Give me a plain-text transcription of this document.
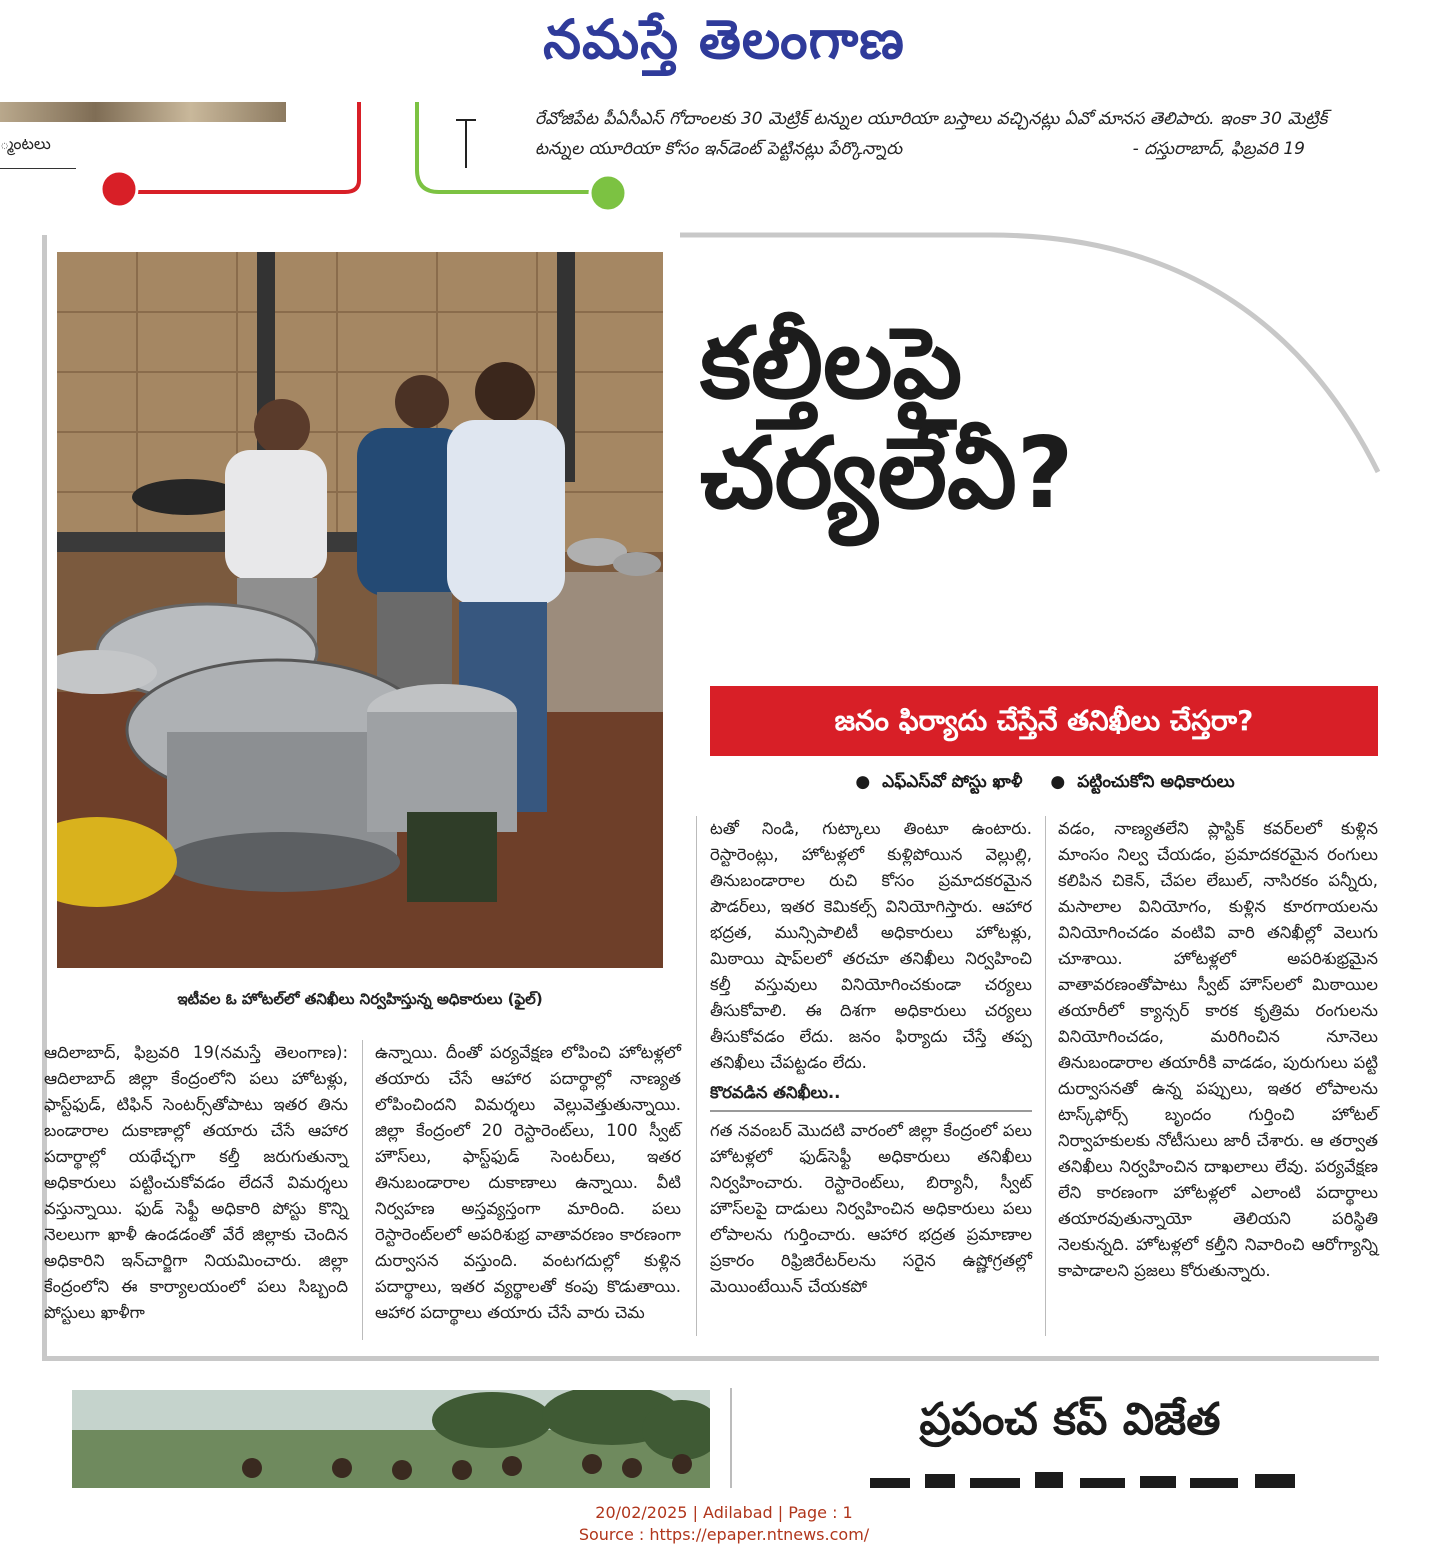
నమస్తే తెలంగాణ
్మంటలు
రేవోజిపేట పీఏసీఎస్ గోదాంలకు 30 మెట్రిక్ టన్నుల యూరియా బస్తాలు వచ్చినట్లు ఏవో మానస తెలిపారు. ఇంకా 30 మెట్రిక్
టన్నుల యూరియా కోసం ఇన్‌డెంట్ పెట్టినట్లు పేర్కొన్నారు	- దస్తురాబాద్, ఫిబ్రవరి 19
ఇటీవల ఓ హోటల్‌లో తనిఖీలు నిర్వహిస్తున్న అధికారులు (ఫైల్)
కల్తీలపై
చర్యలేవీ?
జనం ఫిర్యాదు చేస్తేనే తనిఖీలు చేస్తరా?
● ఎఫ్ఎస్‌వో పోస్టు ఖాళీ ● పట్టించుకోని అధికారులు

టతో నిండి, గుట్కాలు తింటూ ఉంటారు. రెస్టారెంట్లు, హోటళ్లలో కుళ్లిపోయిన వెల్లుల్లి, తినుబండారాల రుచి కోసం ప్రమాదకరమైన పౌడర్‌లు, ఇతర కెమికల్స్ వినియోగిస్తారు. ఆహార భద్రత, మున్సిపాలిటీ అధికారులు హోటళ్లు, మిఠాయి షాప్‌లలో తరచూ తనిఖీలు నిర్వహించి కల్తీ వస్తువులు వినియోగించకుండా చర్యలు తీసుకోవాలి. ఈ దిశగా అధికారులు చర్యలు తీసుకోవడం లేదు. జనం ఫిర్యాదు చేస్తే తప్ప తనిఖీలు చేపట్టడం లేదు.

కొరవడిన తనిఖీలు..

గత నవంబర్ మొదటి వారంలో జిల్లా కేంద్రంలో పలు హోటళ్లలో ఫుడ్‌సెఫ్టీ అధికారులు తనిఖీలు నిర్వహించారు. రెస్టారెంట్‌లు, బిర్యానీ, స్వీట్ హౌస్‌లపై దాడులు నిర్వహించిన అధికారులు పలు లోపాలను గుర్తించారు. ఆహార భద్రత ప్రమాణాల ప్రకారం రిఫ్రిజిరేటర్‌లను సరైన ఉష్ణోగ్రతల్లో మెయింటేయిన్ చేయకపో

వడం, నాణ్యతలేని ప్లాస్టిక్ కవర్‌లలో కుళ్లిన మాంసం నిల్వ చేయడం, ప్రమాదకరమైన రంగులు కలిపిన చికెన్, చేపల లేబుల్, నాసిరకం పన్నీరు, మసాలాల వినియోగం, కుళ్లిన కూరగాయలను వినియోగించడం వంటివి వారి తనిఖీల్లో వెలుగు చూశాయి. హోటళ్లలో అపరిశుభ్రమైన వాతావరణంతోపాటు స్వీట్ హౌస్‌లలో మిఠాయిల తయారీలో క్యాన్సర్ కారక కృత్రిమ రంగులను వినియోగించడం, మరిగించిన నూనెలు తినుబండారాల తయారీకి వాడడం, పురుగులు పట్టి దుర్వాసనతో ఉన్న పప్పులు, ఇతర లోపాలను టాస్క్‌ఫోర్స్ బృందం గుర్తించి హోటల్ నిర్వాహకులకు నోటీసులు జారీ చేశారు. ఆ తర్వాత తనిఖీలు నిర్వహించిన దాఖలాలు లేవు. పర్యవేక్షణ లేని కారణంగా హోటళ్లలో ఎలాంటి పదార్థాలు తయారవుతున్నాయో తెలియని పరిస్థితి నెలకున్నది. హోటళ్లలో కల్తీని నివారించి ఆరోగ్యాన్ని కాపాడాలని ప్రజలు కోరుతున్నారు.

ఆదిలాబాద్, ఫిబ్రవరి 19(నమస్తే తెలంగాణ): ఆదిలాబాద్ జిల్లా కేంద్రంలోని పలు హోటళ్లు, ఫాస్ట్‌ఫుడ్, టిఫిన్ సెంటర్స్‌తోపాటు ఇతర తిను బండారాల దుకాణాల్లో తయారు చేసే ఆహార పదార్థాల్లో యథేచ్ఛగా కల్తీ జరుగుతున్నా అధికారులు పట్టించుకోవడం లేదనే విమర్శలు వస్తున్నాయి. ఫుడ్ సెఫ్టీ అధికారి పోస్టు కొన్ని నెలలుగా ఖాళీ ఉండడంతో వేరే జిల్లాకు చెందిన అధికారిని ఇన్‌చార్జిగా నియమించారు. జిల్లా కేంద్రంలోని ఈ కార్యాలయంలో పలు సిబ్బంది పోస్టులు ఖాళీగా

ఉన్నాయి. దీంతో పర్యవేక్షణ లోపించి హోటళ్లలో తయారు చేసే ఆహార పదార్థాల్లో నాణ్యత లోపించిందని విమర్శలు వెల్లువెత్తుతున్నాయి. జిల్లా కేంద్రంలో 20 రెస్టారెంట్‌లు, 100 స్వీట్ హౌస్‌లు, ఫాస్ట్‌ఫుడ్ సెంటర్‌లు, ఇతర తినుబండారాల దుకాణాలు ఉన్నాయి. వీటి నిర్వహణ అస్తవ్యస్తంగా మారింది. పలు రెస్టారెంట్‌లలో అపరిశుభ్ర వాతావరణం కారణంగా దుర్వాసన వస్తుంది. వంటగదుల్లో కుళ్లిన పదార్థాలు, ఇతర వ్యర్థాలతో కంపు కొడుతాయి. ఆహార పదార్థాలు తయారు చేసే వారు చెమ

ప్రపంచ కప్ విజేత
20/02/2025 | Adilabad | Page : 1
Source : https://epaper.ntnews.com/
